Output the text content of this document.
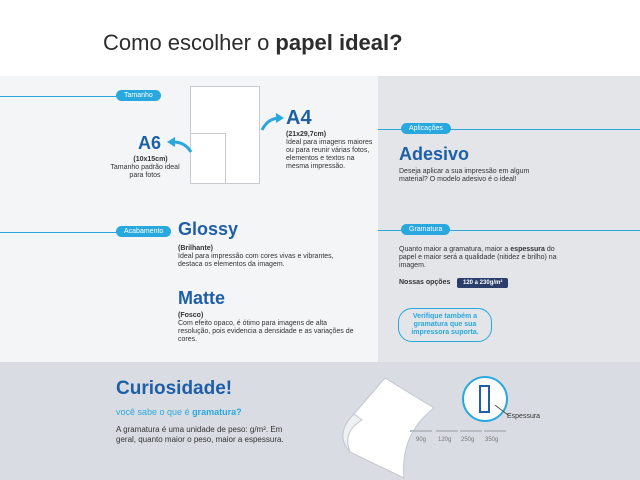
Como escolher o papel ideal?
Tamanho
A4
(21x29,7cm)
Ideal para imagens maiores ou para reunir várias fotos, elementos e textos na mesma impressão.
A6
(10x15cm)
Tamanho padrão ideal para fotos
Acabamento Glossy
(Brilhante)
Ideal para impressão com cores vivas e vibrantes, destaca os elementos da imagem.
Matte
(Fosco)
Com efeito opaco, é ótimo para imagens de alta resolução, pois evidencia a densidade e as variações de cores.
Aplicações
Adesivo
Deseja aplicar a sua impressão em algum material? O modelo adesivo é o ideal!
Gramatura
Quanto maior a gramatura, maior a espessura do papel e maior será a qualidade (nitidez e brilho) na imagem.
Nossas opções	120 a 230g/m²
Verifique também a gramatura que sua impressora suporta.
Curiosidade!
você sabe o que é gramatura?
A gramatura é uma unidade de peso: g/m². Em geral, quanto maior o peso, maior a espessura.
Espessura
90g 120g 250g 350g
